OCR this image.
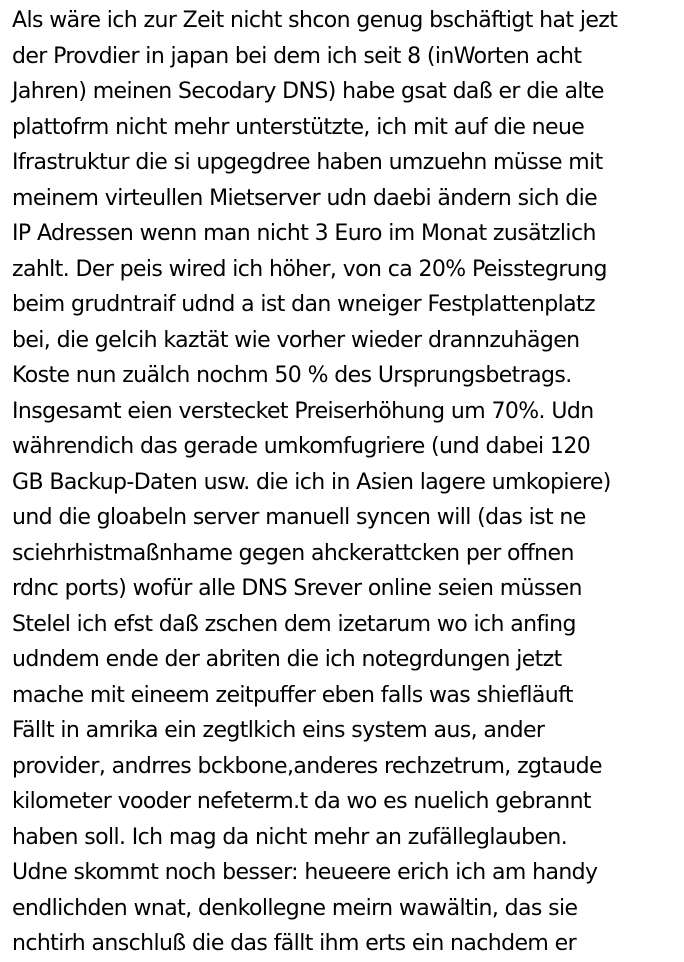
Als wäre ich zur Zeit nicht shcon genug bschäftigt hat jezt
der Provdier in japan bei dem ich seit 8 (inWorten acht
Jahren) meinen Secodary DNS) habe gsat daß er die alte
plattofrm nicht mehr unterstützte, ich mit auf die neue
Ifrastruktur die si upgegdree haben umzuehn müsse mit
meinem virteullen Mietserver udn daebi ändern sich die
IP Adressen wenn man nicht 3 Euro im Monat zusätzlich
zahlt. Der peis wired ich höher, von ca 20% Peisstegrung
beim grudntraif udnd a ist dan wneiger Festplattenplatz
bei, die gelcih kaztät wie vorher wieder drannzuhägen
Koste nun zuälch nochm 50 % des Ursprungsbetrags.
Insgesamt eien verstecket Preiserhöhung um 70%. Udn
währendich das gerade umkomfugriere (und dabei 120
GB Backup-Daten usw. die ich in Asien lagere umkopiere)
und die gloabeln server manuell syncen will (das ist ne
sciehrhistmaßnhame gegen ahckerattcken per offnen
rdnc ports) wofür alle DNS Srever online seien müssen
Stelel ich efst daß zschen dem izetarum wo ich anfing
udndem ende der abriten die ich notegrdungen jetzt
mache mit eineem zeitpuffer eben falls was shiefläuft
Fällt in amrika ein zegtlkich eins system aus, ander
provider, andrres bckbone,anderes rechzetrum, zgtaude
kilometer vooder nefeterm.t da wo es nuelich gebrannt
haben soll. Ich mag da nicht mehr an zufälleglauben.
Udne skommt noch besser: heueere erich ich am handy
endlichden wnat, denkollegne meirn wawältin, das sie
nchtirh anschluß die das fällt ihm erts ein nachdem er
